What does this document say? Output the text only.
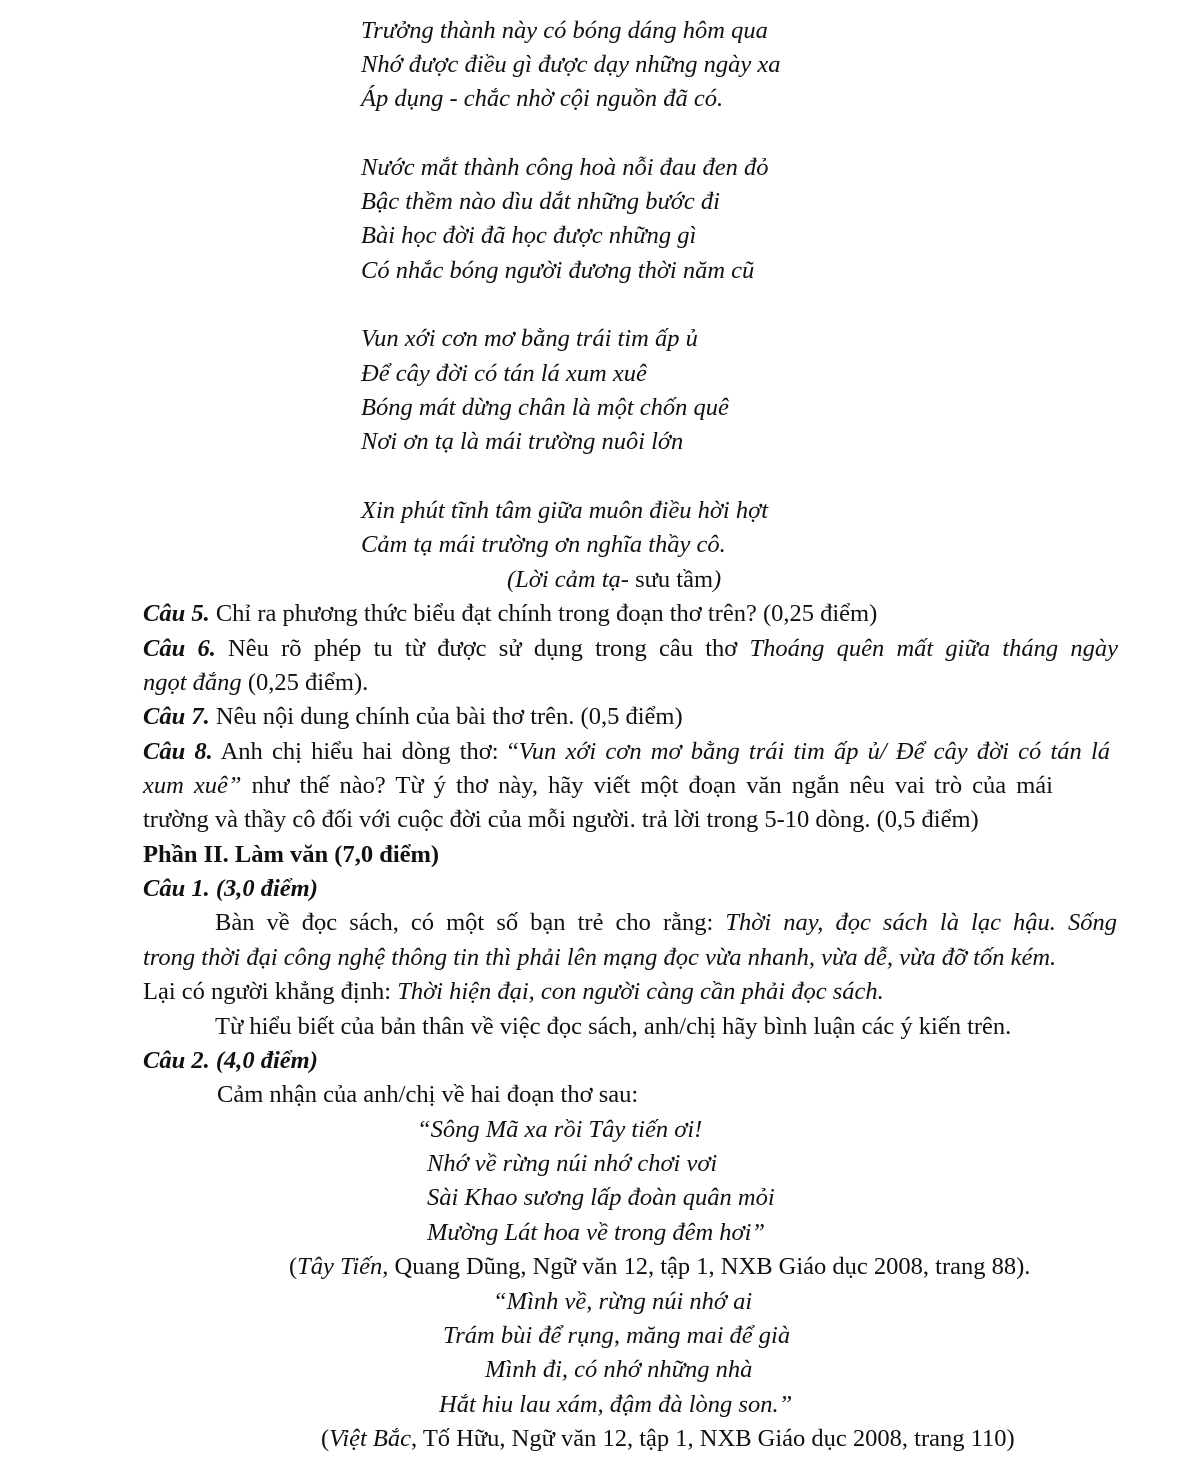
Trưởng thành này có bóng dáng hôm qua
Nhớ được điều gì được dạy những ngày xa
Áp dụng - chắc nhờ cội nguồn đã có.
Nước mắt thành công hoà nỗi đau đen đỏ
Bậc thềm nào dìu dắt những bước đi
Bài học đời đã học được những gì
Có nhắc bóng người đương thời năm cũ
Vun xới cơn mơ bằng trái tim ấp ủ
Để cây đời có tán lá xum xuê
Bóng mát dừng chân là một chốn quê
Nơi ơn tạ là mái trường nuôi lớn
Xin phút tĩnh tâm giữa muôn điều hời hợt
Cảm tạ mái trường ơn nghĩa thầy cô.
(Lời cảm tạ- sưu tầm)
Câu 5. Chỉ ra phương thức biểu đạt chính trong đoạn thơ trên? (0,25 điểm)
Câu 6. Nêu rõ phép tu từ được sử dụng trong câu thơ Thoáng quên mất giữa tháng ngày
ngọt đắng (0,25 điểm).
Câu 7. Nêu nội dung chính của bài thơ trên. (0,5 điểm)
Câu 8. Anh chị hiểu hai dòng thơ: “Vun xới cơn mơ bằng trái tim ấp ủ/ Để cây đời có tán lá
xum xuê” như thế nào? Từ ý thơ này, hãy viết một đoạn văn ngắn nêu vai trò của mái
trường và thầy cô đối với cuộc đời của mỗi người. trả lời trong 5-10 dòng. (0,5 điểm)
Phần II. Làm văn (7,0 điểm)
Câu 1. (3,0 điểm)
Bàn về đọc sách, có một số bạn trẻ cho rằng: Thời nay, đọc sách là lạc hậu. Sống
trong thời đại công nghệ thông tin thì phải lên mạng đọc vừa nhanh, vừa dễ, vừa đỡ tốn kém.
Lại có người khẳng định: Thời hiện đại, con người càng cần phải đọc sách.
Từ hiểu biết của bản thân về việc đọc sách, anh/chị hãy bình luận các ý kiến trên.
Câu 2. (4,0 điểm)
Cảm nhận của anh/chị về hai đoạn thơ sau:
“Sông Mã xa rồi Tây tiến ơi!
Nhớ về rừng núi nhớ chơi vơi
Sài Khao sương lấp đoàn quân mỏi
Mường Lát hoa về trong đêm hơi”
(Tây Tiến, Quang Dũng, Ngữ văn 12, tập 1, NXB Giáo dục 2008, trang 88).
“Mình về, rừng núi nhớ ai
Trám bùi để rụng, măng mai để già
Mình đi, có nhớ những nhà
Hắt hiu lau xám, đậm đà lòng son.”
(Việt Bắc, Tố Hữu, Ngữ văn 12, tập 1, NXB Giáo dục 2008, trang 110)
